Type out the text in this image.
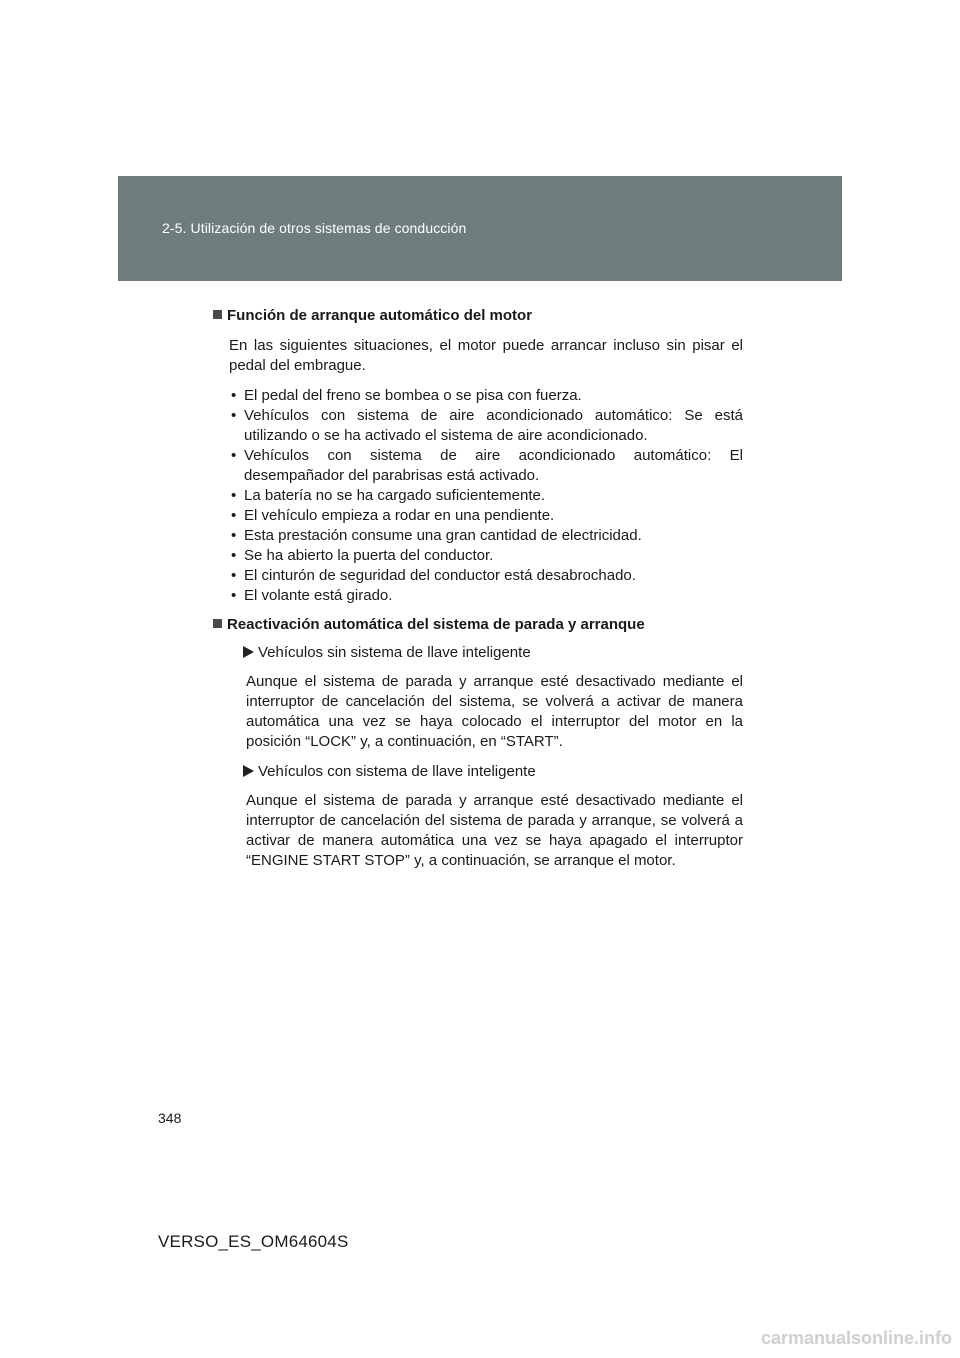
2-5. Utilización de otros sistemas de conducción
Función de arranque automático del motor
En las siguientes situaciones, el motor puede arrancar incluso sin pisar el pedal del embrague.
• El pedal del freno se bombea o se pisa con fuerza.
• Vehículos con sistema de aire acondicionado automático: Se está utilizando o se ha activado el sistema de aire acondicionado.
• Vehículos con sistema de aire acondicionado automático: El desempañador del parabrisas está activado.
• La batería no se ha cargado suficientemente.
• El vehículo empieza a rodar en una pendiente.
• Esta prestación consume una gran cantidad de electricidad.
• Se ha abierto la puerta del conductor.
• El cinturón de seguridad del conductor está desabrochado.
• El volante está girado.
Reactivación automática del sistema de parada y arranque
Vehículos sin sistema de llave inteligente
Aunque el sistema de parada y arranque esté desactivado mediante el interruptor de cancelación del sistema, se volverá a activar de manera automática una vez se haya colocado el interruptor del motor en la posición “LOCK” y, a continuación, en “START”.
Vehículos con sistema de llave inteligente
Aunque el sistema de parada y arranque esté desactivado mediante el interruptor de cancelación del sistema de parada y arranque, se volverá a activar de manera automática una vez se haya apagado el interruptor “ENGINE START STOP” y, a continuación, se arranque el motor.
348
VERSO_ES_OM64604S
carmanualsonline.info
